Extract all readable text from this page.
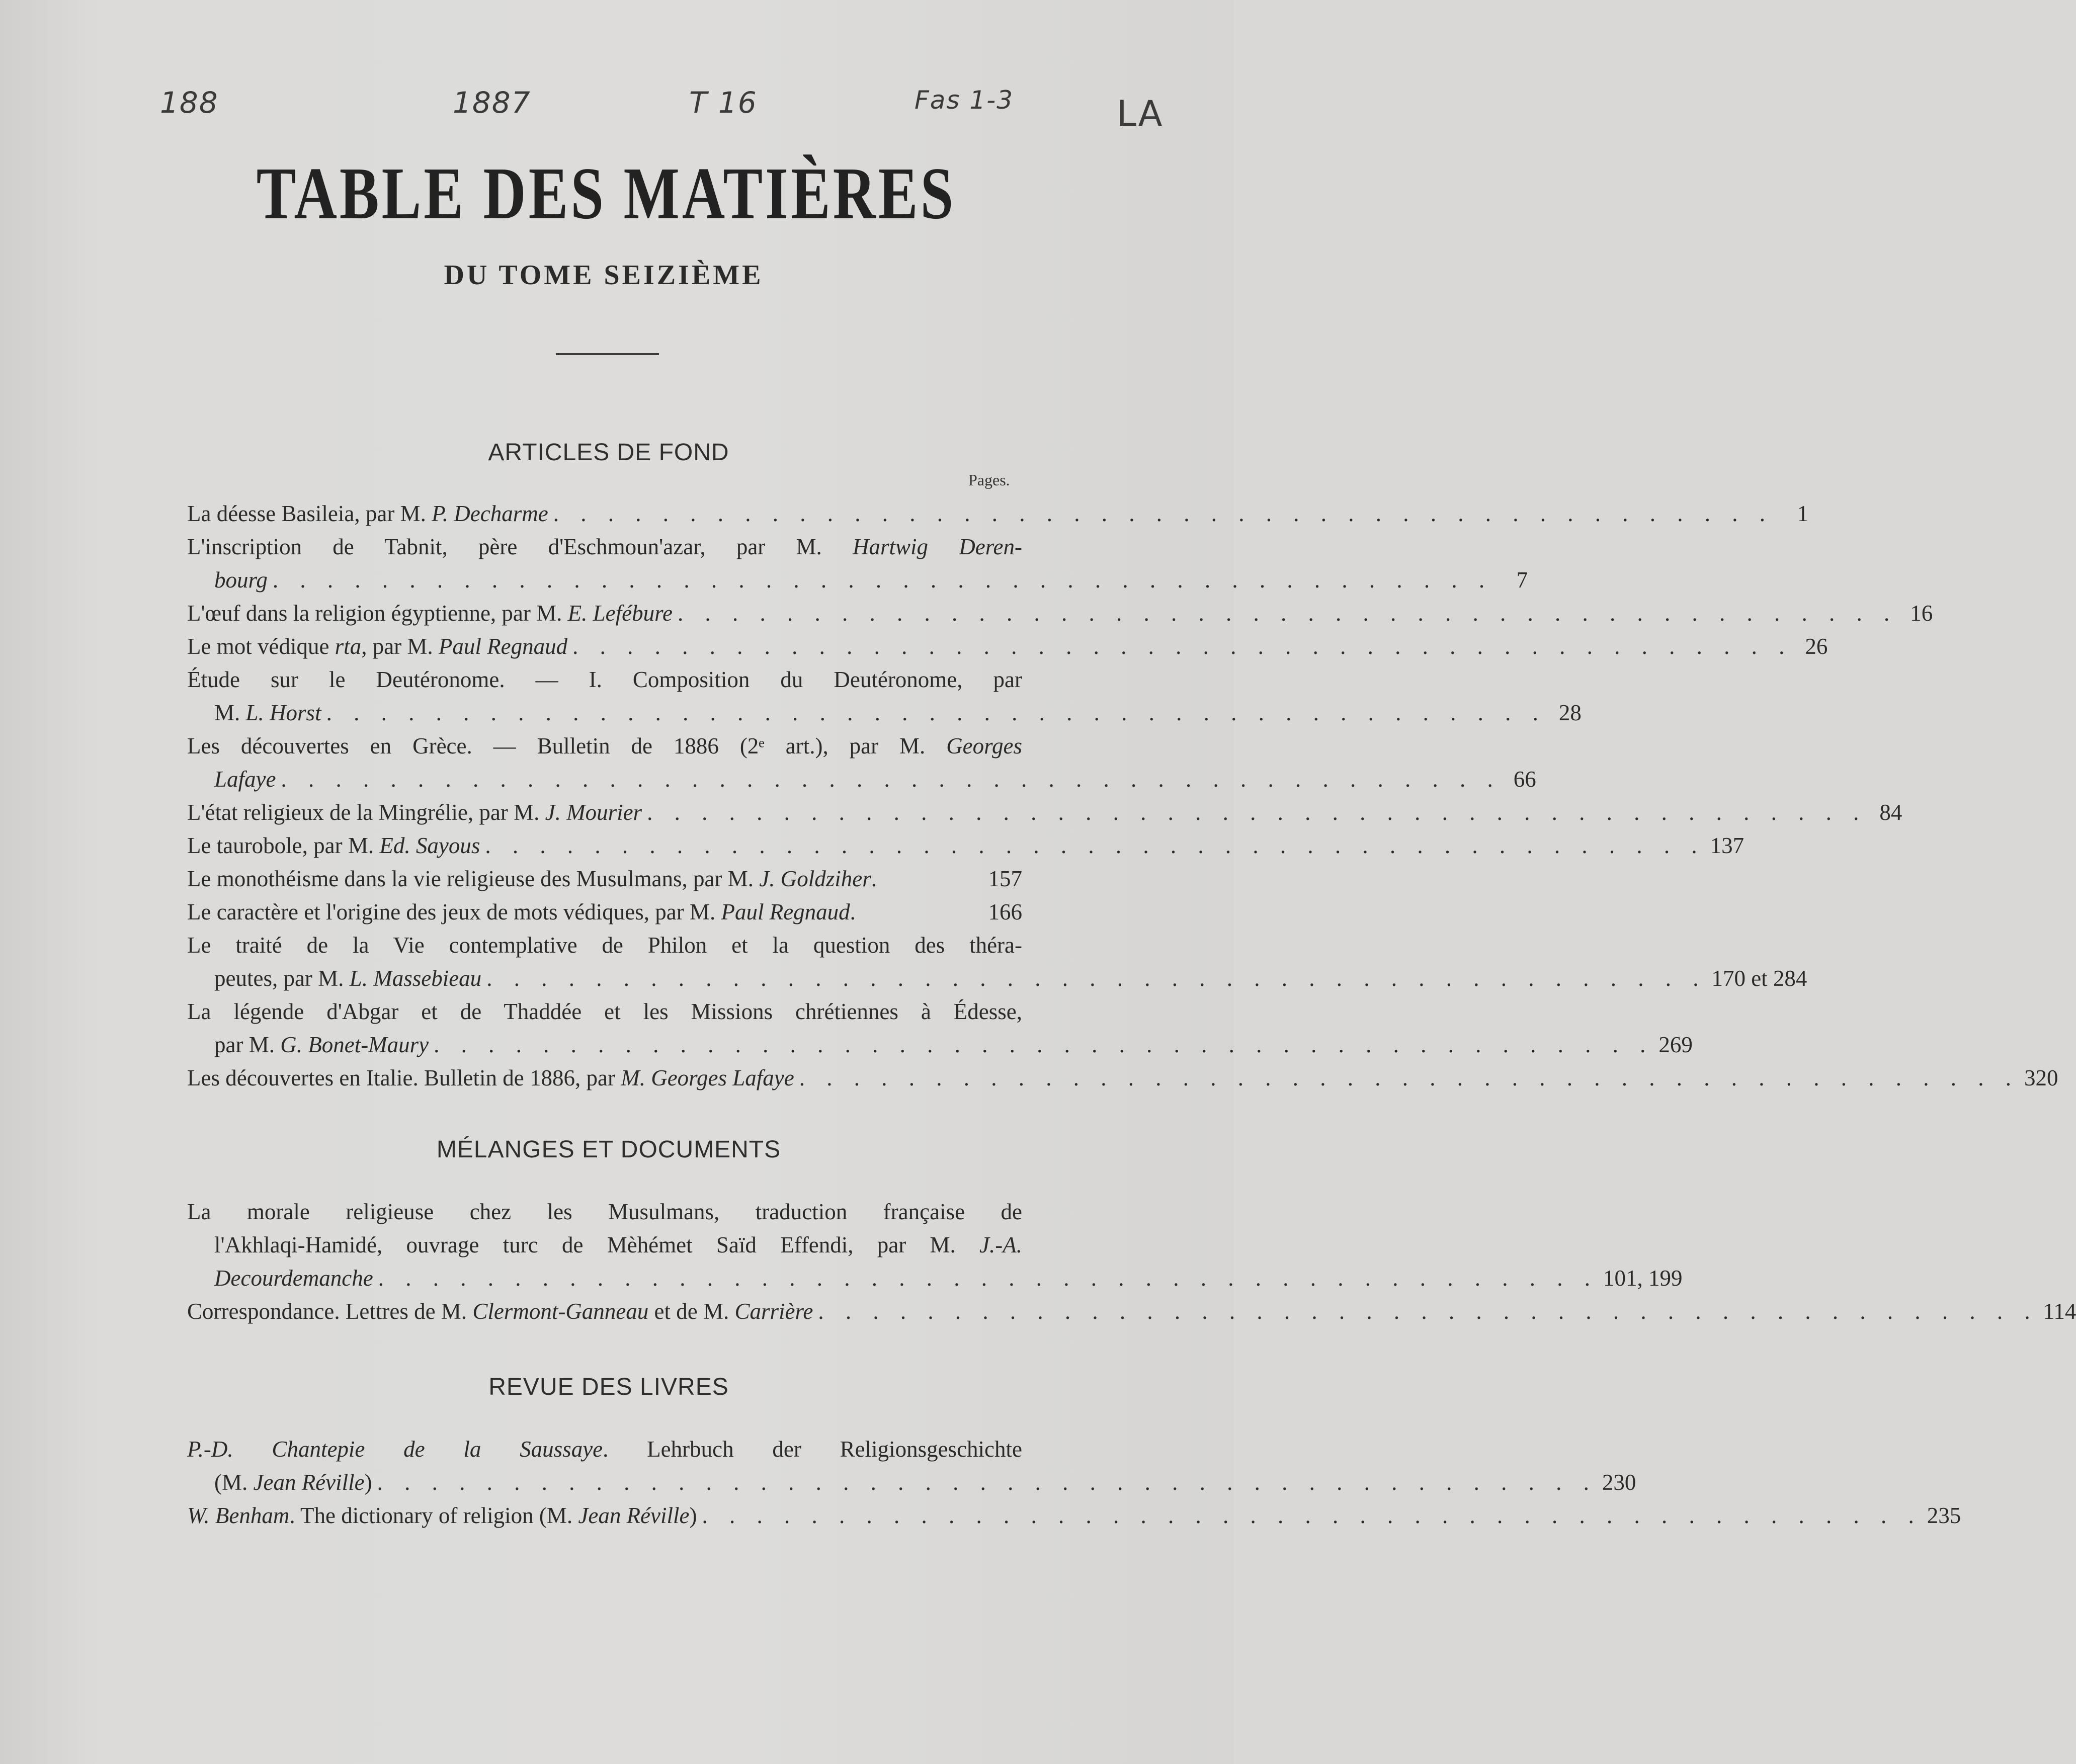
188	1887	T 16	Fas 1-3	LA
TABLE DES MATIÈRES
DU TOME SEIZIÈME
ARTICLES DE FOND
Pages.
La déesse Basileia, par M. P. Decharme . . . . . . . . . . . . . . . . . . . . . . . . . . . . . . . . . . . . . . . . . . . . .	1
L'inscription de Tabnit, père d'Eschmoun'azar, par M. Hartwig Deren-
bourg . . . . . . . . . . . . . . . . . . . . . . . . . . . . . . . . . . . . . . . . . . . . .	7
L'œuf dans la religion égyptienne, par M. E. Lefébure . . . . . . . . . . . . . . . . . . . . . . . . . . . . . . . . . . . . . . . . . . . . . 16
Le mot védique rta, par M. Paul Regnaud . . . . . . . . . . . . . . . . . . . . . . . . . . . . . . . . . . . . . . . . . . . . . 26
Étude sur le Deutéronome. — I. Composition du Deutéronome, par
M. L. Horst . . . . . . . . . . . . . . . . . . . . . . . . . . . . . . . . . . . . . . . . . . . . . 28
Les découvertes en Grèce. — Bulletin de 1886 (2ᵉ art.), par M. Georges
Lafaye . . . . . . . . . . . . . . . . . . . . . . . . . . . . . . . . . . . . . . . . . . . . . 66
L'état religieux de la Mingrélie, par M. J. Mourier . . . . . . . . . . . . . . . . . . . . . . . . . . . . . . . . . . . . . . . . . . . . . 84
Le taurobole, par M. Ed. Sayous . . . . . . . . . . . . . . . . . . . . . . . . . . . . . . . . . . . . . . . . . . . . . 137
Le monothéisme dans la vie religieuse des Musulmans, par M. J. Goldziher.	157
Le caractère et l'origine des jeux de mots védiques, par M. Paul Regnaud.	166
Le traité de la Vie contemplative de Philon et la question des théra-
peutes, par M. L. Massebieau . . . . . . . . . . . . . . . . . . . . . . . . . . . . . . . . . . . . . . . . . . . . . 170 et 284
La légende d'Abgar et de Thaddée et les Missions chrétiennes à Édesse,
par M. G. Bonet-Maury . . . . . . . . . . . . . . . . . . . . . . . . . . . . . . . . . . . . . . . . . . . . . 269
Les découvertes en Italie. Bulletin de 1886, par M. Georges Lafaye . . . . . . . . . . . . . . . . . . . . . . . . . . . . . . . . . . . . . . . . . . . . . 320
MÉLANGES ET DOCUMENTS
La morale religieuse chez les Musulmans, traduction française de
l'Akhlaqi-Hamidé, ouvrage turc de Mèhémet Saïd Effendi, par M. J.-A.
Decourdemanche . . . . . . . . . . . . . . . . . . . . . . . . . . . . . . . . . . . . . . . . . . . . . 101, 199
Correspondance. Lettres de M. Clermont-Ganneau et de M. Carrière . . . . . . . . . . . . . . . . . . . . . . . . . . . . . . . . . . . . . . . . . . . . . 114
REVUE DES LIVRES
P.-D. Chantepie de la Saussaye. Lehrbuch der Religionsgeschichte
(M. Jean Réville) . . . . . . . . . . . . . . . . . . . . . . . . . . . . . . . . . . . . . . . . . . . . . 230
W. Benham. The dictionary of religion (M. Jean Réville) . . . . . . . . . . . . . . . . . . . . . . . . . . . . . . . . . . . . . . . . . . . . . 235
